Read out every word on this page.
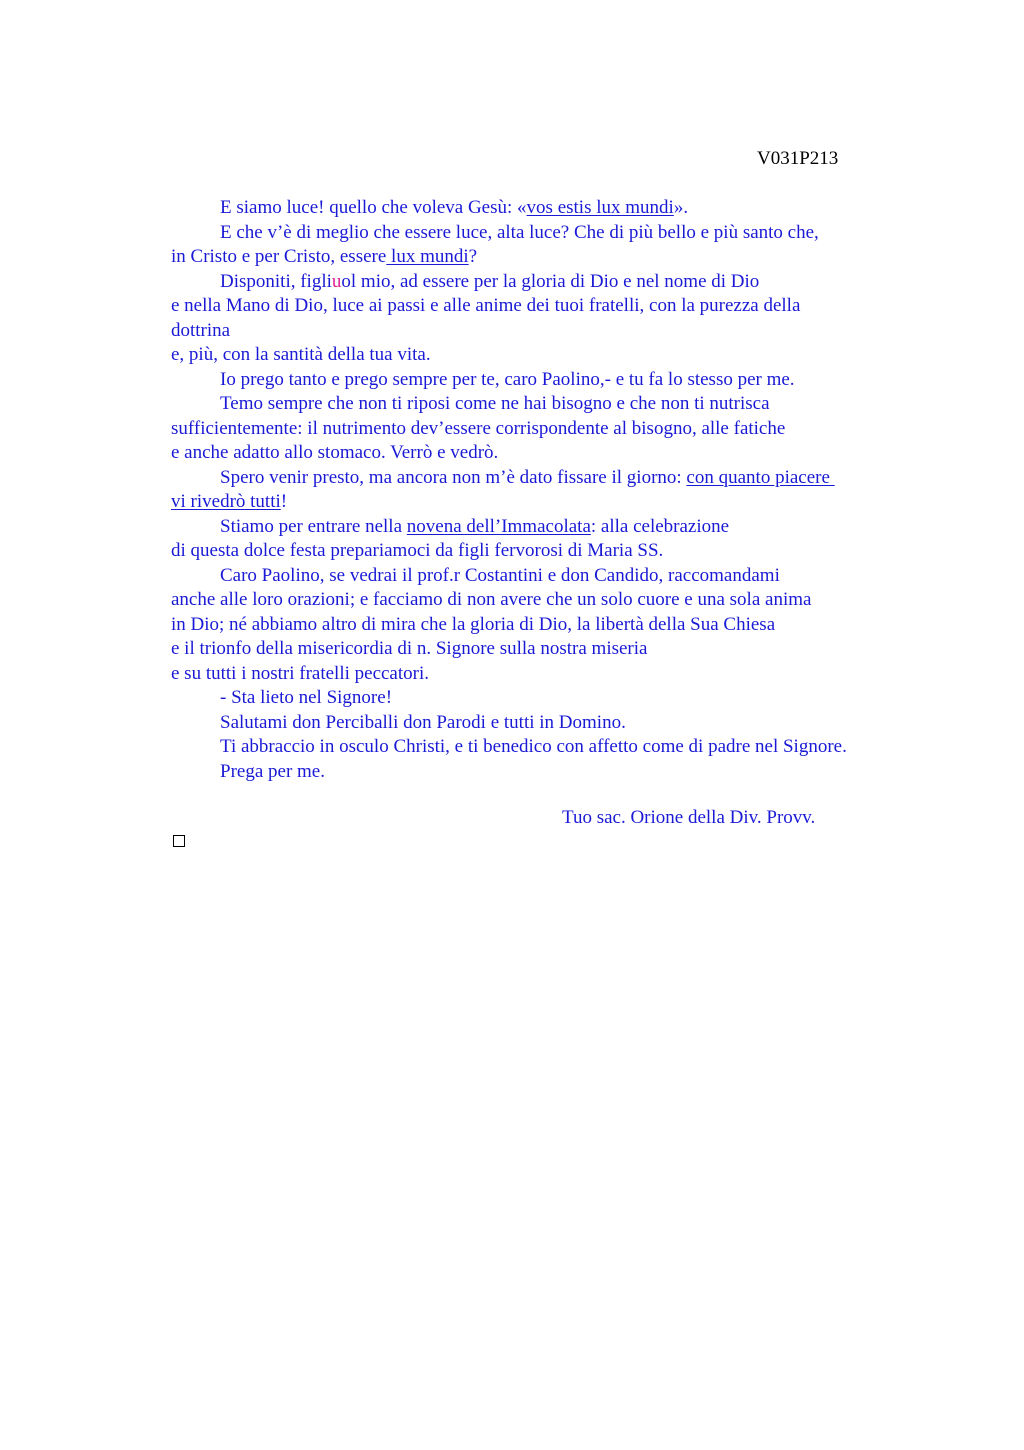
V031P213
E siamo luce! quello che voleva Gesù: «vos estis lux mundi».
E che v’è di meglio che essere luce, alta luce? Che di più bello e più santo che,
in Cristo e per Cristo, essere lux mundi?
Disponiti, figliuol mio, ad essere per la gloria di Dio e nel nome di Dio
e nella Mano di Dio, luce ai passi e alle anime dei tuoi fratelli, con la purezza della
dottrina
e, più, con la santità della tua vita.
Io prego tanto e prego sempre per te, caro Paolino,- e tu fa lo stesso per me.
Temo sempre che non ti riposi come ne hai bisogno e che non ti nutrisca
sufficientemente: il nutrimento dev’essere corrispondente al bisogno, alle fatiche
e anche adatto allo stomaco. Verrò e vedrò.
Spero venir presto, ma ancora non m’è dato fissare il giorno: con quanto piacere
vi rivedrò tutti!
Stiamo per entrare nella novena dell’Immacolata: alla celebrazione
di questa dolce festa prepariamoci da figli fervorosi di Maria SS.
Caro Paolino, se vedrai il prof.r Costantini e don Candido, raccomandami
anche alle loro orazioni; e facciamo di non avere che un solo cuore e una sola anima
in Dio; né abbiamo altro di mira che la gloria di Dio, la libertà della Sua Chiesa
e il trionfo della misericordia di n. Signore sulla nostra miseria
e su tutti i nostri fratelli peccatori.
- Sta lieto nel Signore!
Salutami don Perciballi don Parodi e tutti in Domino.
Ti abbraccio in osculo Christi, e ti benedico con affetto come di padre nel Signore.
Prega per me.
Tuo sac. Orione della Div. Provv.
